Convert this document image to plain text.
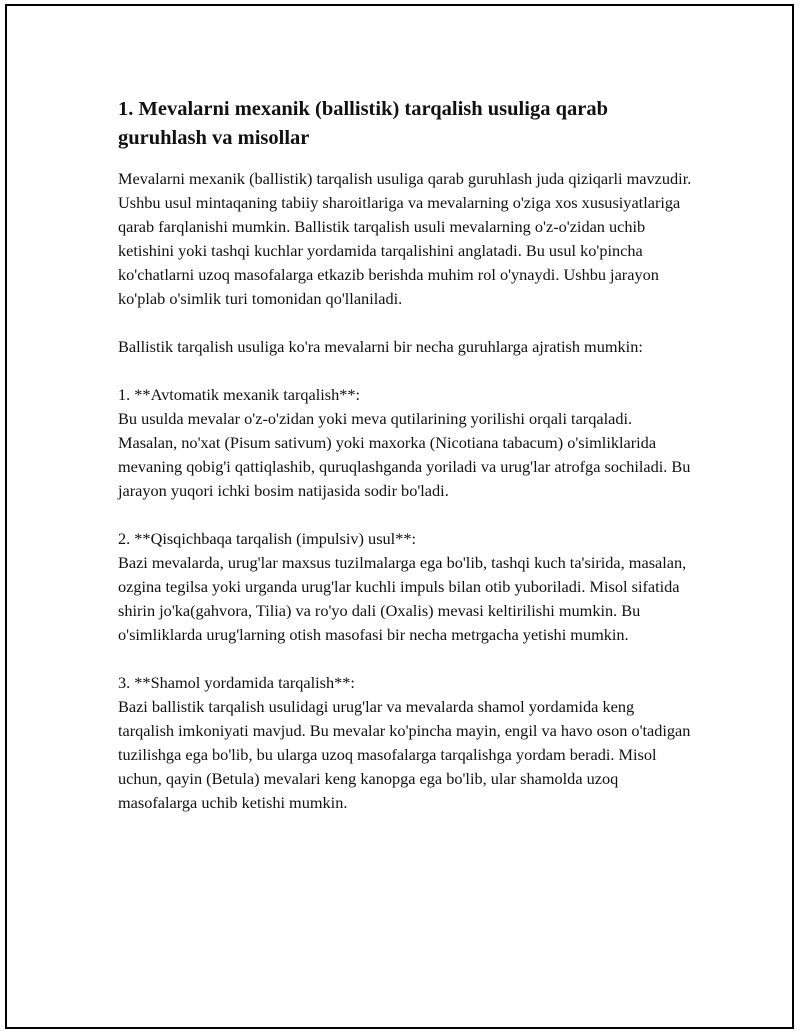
1. Mevalarni mexanik (ballistik) tarqalish usuliga qarab guruhlash va misollar

Mevalarni mexanik (ballistik) tarqalish usuliga qarab guruhlash juda qiziqarli mavzudir. Ushbu usul mintaqaning tabiiy sharoitlariga va mevalarning o'ziga xos xususiyatlariga qarab farqlanishi mumkin. Ballistik tarqalish usuli mevalarning o'z-o'zidan uchib ketishini yoki tashqi kuchlar yordamida tarqalishini anglatadi. Bu usul ko'pincha ko'chatlarni uzoq masofalarga etkazib berishda muhim rol o'ynaydi. Ushbu jarayon ko'plab o'simlik turi tomonidan qo'llaniladi.

Ballistik tarqalish usuliga ko'ra mevalarni bir necha guruhlarga ajratish mumkin:

1. **Avtomatik mexanik tarqalish**:
Bu usulda mevalar o'z-o'zidan yoki meva qutilarining yorilishi orqali tarqaladi. Masalan, no'xat (Pisum sativum) yoki maxorka (Nicotiana tabacum) o'simliklarida mevaning qobig'i qattiqlashib, quruqlashganda yoriladi va urug'lar atrofga sochiladi. Bu jarayon yuqori ichki bosim natijasida sodir bo'ladi.

2. **Qisqichbaqa tarqalish (impulsiv) usul**:
Bazi mevalarda, urug'lar maxsus tuzilmalarga ega bo'lib, tashqi kuch ta'sirida, masalan, ozgina tegilsa yoki urganda urug'lar kuchli impuls bilan otib yuboriladi. Misol sifatida shirin jo'ka(gahvora, Tilia) va ro'yo dali (Oxalis) mevasi keltirilishi mumkin. Bu o'simliklarda urug'larning otish masofasi bir necha metrgacha yetishi mumkin.

3. **Shamol yordamida tarqalish**:
Bazi ballistik tarqalish usulidagi urug'lar va mevalarda shamol yordamida keng tarqalish imkoniyati mavjud. Bu mevalar ko'pincha mayin, engil va havo oson o'tadigan tuzilishga ega bo'lib, bu ularga uzoq masofalarga tarqalishga yordam beradi. Misol uchun, qayin (Betula) mevalari keng kanopga ega bo'lib, ular shamolda uzoq masofalarga uchib ketishi mumkin.
